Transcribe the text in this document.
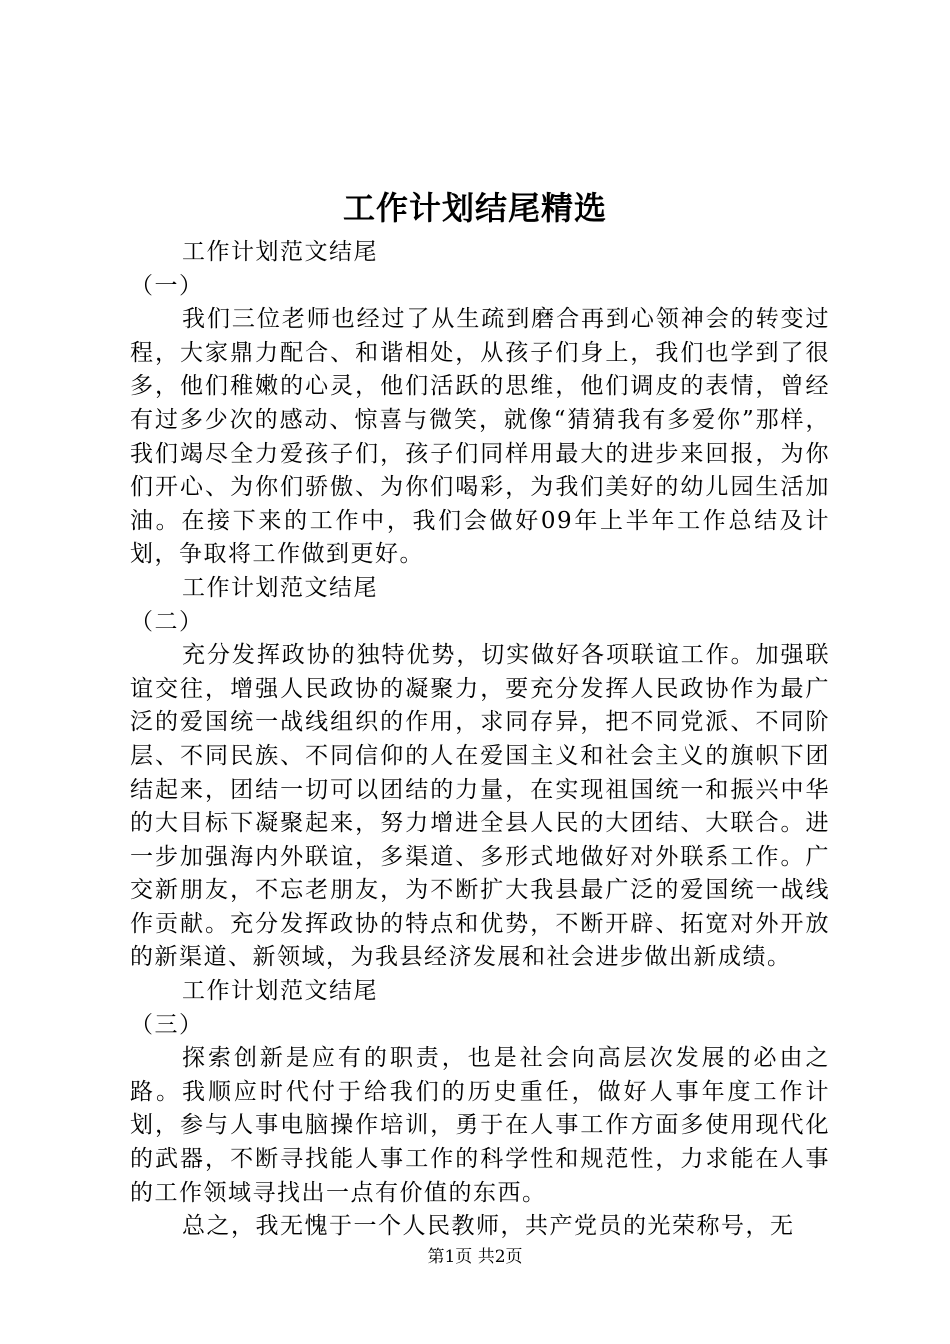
工作计划结尾精选

工作计划范文结尾

（一）

我们三位老师也经过了从生疏到磨合再到心领神会的转变过程，大家鼎力配合、和谐相处，从孩子们身上，我们也学到了很多，他们稚嫩的心灵，他们活跃的思维，他们调皮的表情，曾经有过多少次的感动、惊喜与微笑，就像“猜猜我有多爱你”那样，我们竭尽全力爱孩子们，孩子们同样用最大的进步来回报，为你们开心、为你们骄傲、为你们喝彩，为我们美好的幼儿园生活加油。在接下来的工作中，我们会做好09年上半年工作总结及计划，争取将工作做到更好。

工作计划范文结尾

（二）

充分发挥政协的独特优势，切实做好各项联谊工作。加强联谊交往，增强人民政协的凝聚力，要充分发挥人民政协作为最广泛的爱国统一战线组织的作用，求同存异，把不同党派、不同阶层、不同民族、不同信仰的人在爱国主义和社会主义的旗帜下团结起来，团结一切可以团结的力量，在实现祖国统一和振兴中华的大目标下凝聚起来，努力增进全县人民的大团结、大联合。进一步加强海内外联谊，多渠道、多形式地做好对外联系工作。广交新朋友，不忘老朋友，为不断扩大我县最广泛的爱国统一战线作贡献。充分发挥政协的特点和优势，不断开辟、拓宽对外开放的新渠道、新领域，为我县经济发展和社会进步做出新成绩。

工作计划范文结尾

（三）

探索创新是应有的职责，也是社会向高层次发展的必由之路。我顺应时代付于给我们的历史重任，做好人事年度工作计划，参与人事电脑操作培训，勇于在人事工作方面多使用现代化的武器，不断寻找能人事工作的科学性和规范性，力求能在人事的工作领域寻找出一点有价值的东西。

总之，我无愧于一个人民教师，共产党员的光荣称号，无

第1页 共2页
